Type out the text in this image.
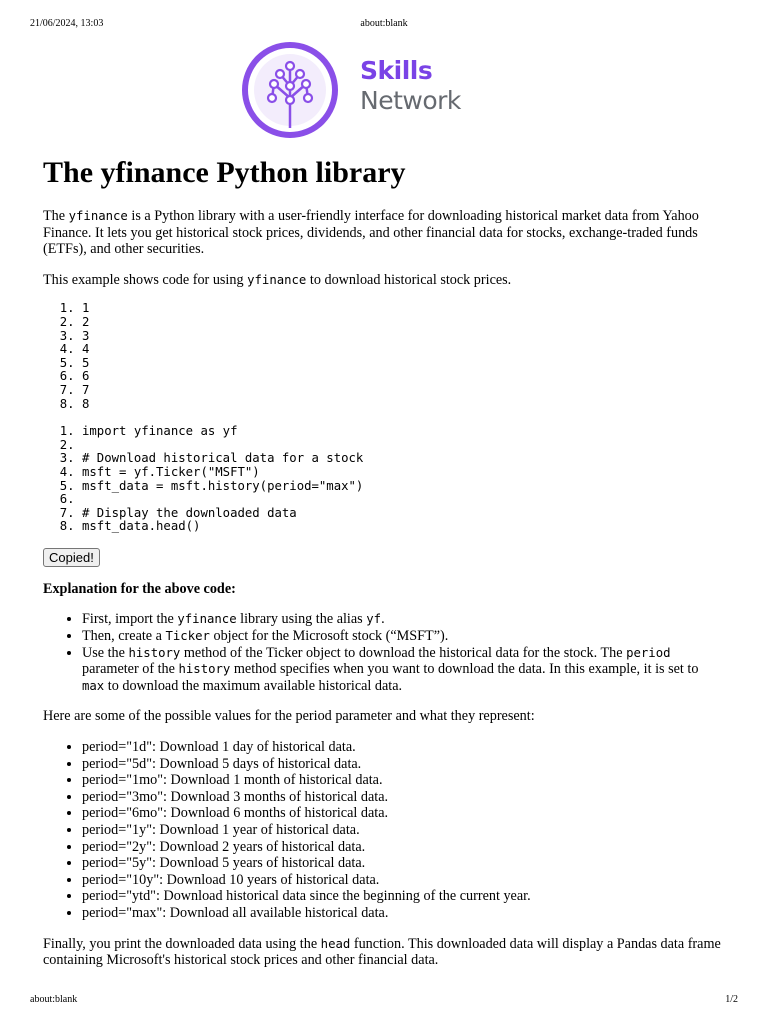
21/06/2024, 13:03	about:blank
Skills
Network
The yfinance Python library

The yfinance is a Python library with a user-friendly interface for downloading historical market data from Yahoo Finance. It lets you get historical stock prices, dividends, and other financial data for stocks, exchange-traded funds (ETFs), and other securities.

This example shows code for using yfinance to download historical stock prices.

1. 1
2. 2
3. 3
4. 4
5. 5
6. 6
7. 7
8. 8
1. import yfinance as yf
2.
3. # Download historical data for a stock
4. msft = yf.Ticker("MSFT")
5. msft_data = msft.history(period="max")
6.
7. # Display the downloaded data
8. msft_data.head()
Copied!

Explanation for the above code:

• First, import the yfinance library using the alias yf.
• Then, create a Ticker object for the Microsoft stock (“MSFT”).
• Use the history method of the Ticker object to download the historical data for the stock. The period parameter of the history method specifies when you want to download the data. In this example, it is set to max to download the maximum available historical data.

Here are some of the possible values for the period parameter and what they represent:

• period="1d": Download 1 day of historical data.
• period="5d": Download 5 days of historical data.
• period="1mo": Download 1 month of historical data.
• period="3mo": Download 3 months of historical data.
• period="6mo": Download 6 months of historical data.
• period="1y": Download 1 year of historical data.
• period="2y": Download 2 years of historical data.
• period="5y": Download 5 years of historical data.
• period="10y": Download 10 years of historical data.
• period="ytd": Download historical data since the beginning of the current year.
• period="max": Download all available historical data.

Finally, you print the downloaded data using the head function. This downloaded data will display a Pandas data frame containing Microsoft's historical stock prices and other financial data.

about:blank	1/2
